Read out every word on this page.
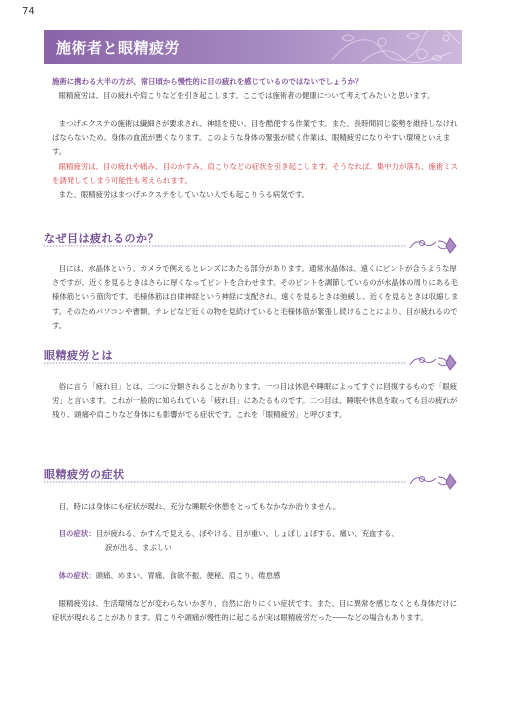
74
施術者と眼精疲労

施術に携わる大半の方が、常日頃から慢性的に目の疲れを感じているのではないでしょうか？

眼精疲労は、目の疲れや肩こりなどを引き起こします。ここでは施術者の健康について考えてみたいと思います。

まつげエクステの施術は繊細さが要求され、神経を使い、目を酷使する作業です。また、長時間同じ姿勢を維持しなければならないため、身体の血流が悪くなります。このような身体の緊張が続く作業は、眼精疲労になりやすい環境といえます。

眼精疲労は、目の疲れや痛み、目のかすみ、肩こりなどの症状を引き起こします。そうなれば、集中力が落ち、施術ミスを誘発してしまう可能性も考えられます。

また、眼精疲労はまつげエクステをしていない人でも起こりうる病気です。

なぜ目は疲れるのか？

目には、水晶体という、カメラで例えるとレンズにあたる部分があります。通常水晶体は、遠くにピントが合うような厚さですが、近くを見るときはさらに厚くなってピントを合わせます。そのピントを調節しているのが水晶体の周りにある毛様体筋という筋肉です。毛様体筋は自律神経という神経に支配され、遠くを見るときは弛緩し、近くを見るときは収縮します。そのためパソコンや書類、テレビなど近くの物を見続けていると毛様体筋が緊張し続けることにより、目が疲れるのです。

眼精疲労とは

俗に言う「疲れ目」とは、二つに分類されることがあります。一つ目は休息や睡眠によってすぐに回復するもので「眼疲労」と言います。これが一般的に知られている「疲れ目」にあたるものです。二つ目は、睡眠や休息を取っても目の疲れが残り、頭痛や肩こりなど身体にも影響がでる症状です。これを「眼精疲労」と呼びます。

眼精疲労の症状

目、時には身体にも症状が現れ、充分な睡眠や休憩をとってもなかなか治りません。

目の症状：目が疲れる、かすんで見える、ぼやける、目が重い、しょぼしょぼする、痛い、充血する、
涙が出る、まぶしい
体の症状：頭痛、めまい、胃痛、食欲不振、便秘、肩こり、倦怠感

眼精疲労は、生活環境などが変わらないかぎり、自然に治りにくい症状です。また、目に異常を感じなくとも身体だけに症状が現れることがあります。肩こりや頭痛が慢性的に起こるが実は眼精疲労だった――などの場合もあります。
